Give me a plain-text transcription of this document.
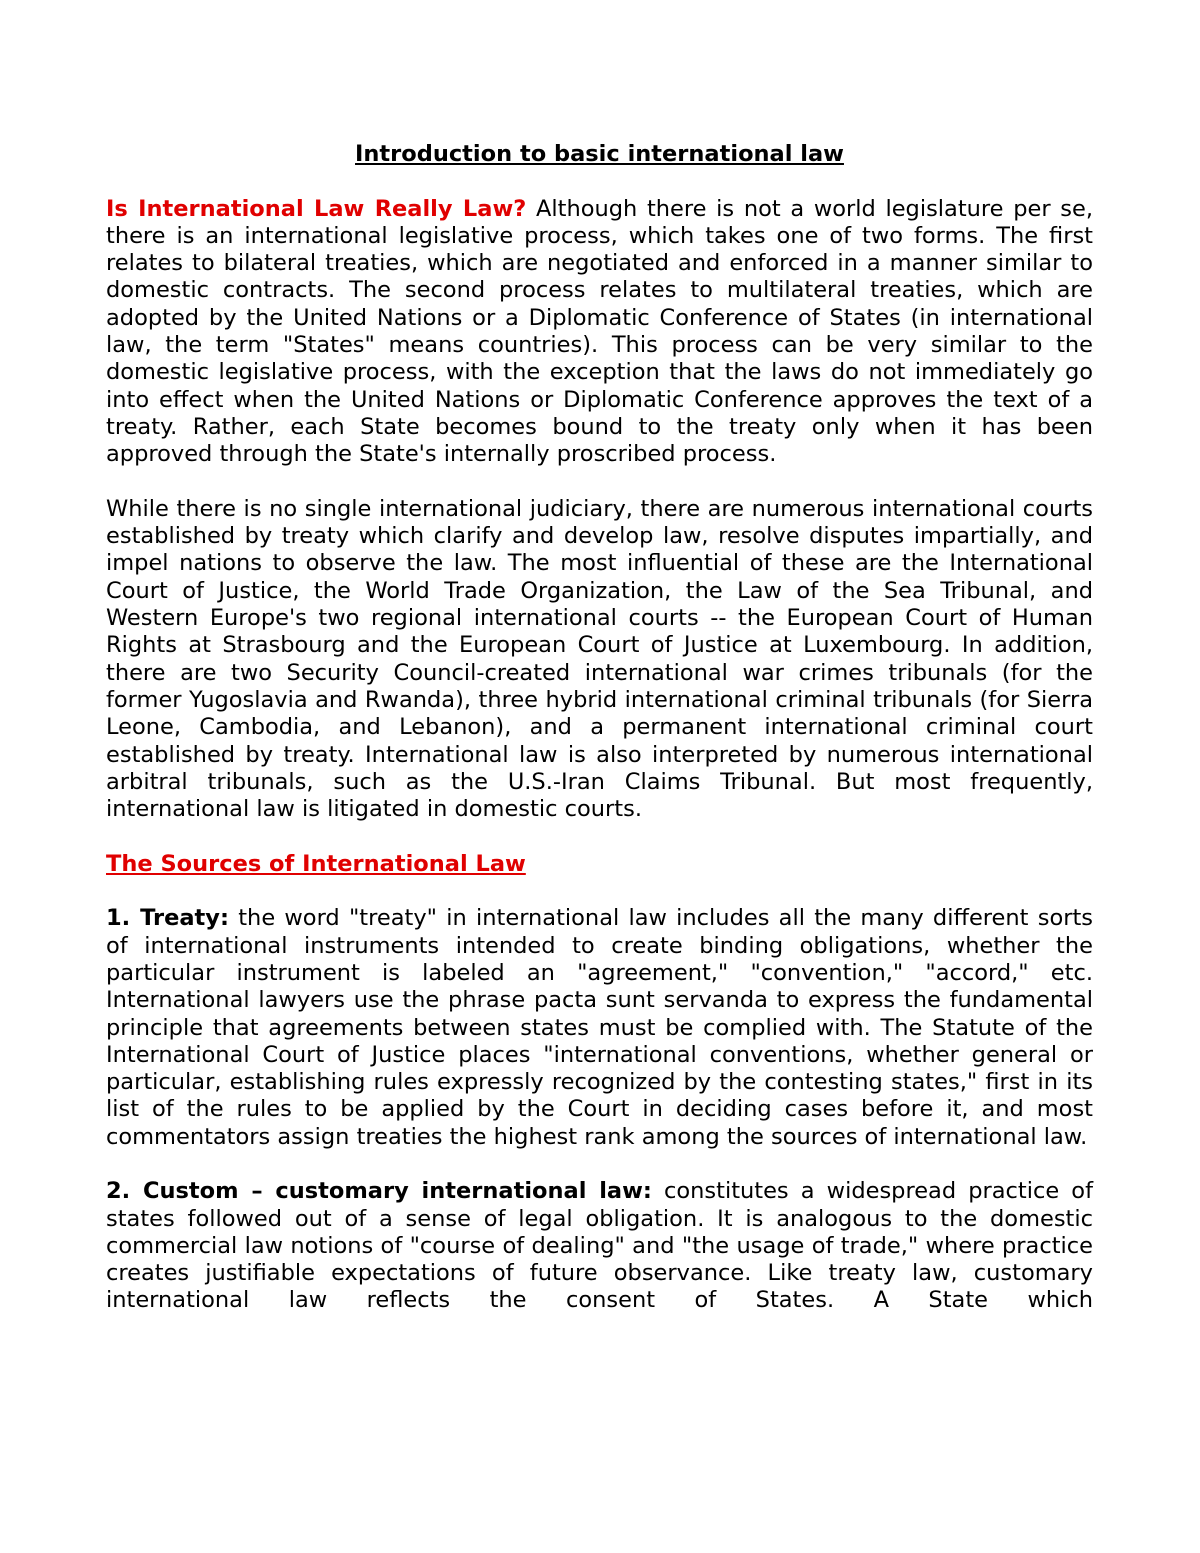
Introduction to basic international law

Is International Law Really Law? Although there is not a world legislature per se, there is an international legislative process, which takes one of two forms. The first relates to bilateral treaties, which are negotiated and enforced in a manner similar to domestic contracts. The second process relates to multilateral treaties, which are adopted by the United Nations or a Diplomatic Conference of States (in international law, the term "States" means countries). This process can be very similar to the domestic legislative process, with the exception that the laws do not immediately go into effect when the United Nations or Diplomatic Conference approves the text of a treaty. Rather, each State becomes bound to the treaty only when it has been approved through the State's internally proscribed process.

While there is no single international judiciary, there are numerous international courts established by treaty which clarify and develop law, resolve disputes impartially, and impel nations to observe the law. The most influential of these are the International Court of Justice, the World Trade Organization, the Law of the Sea Tribunal, and Western Europe's two regional international courts -- the European Court of Human Rights at Strasbourg and the European Court of Justice at Luxembourg. In addition, there are two Security Council-created international war crimes tribunals (for the former Yugoslavia and Rwanda), three hybrid international criminal tribunals (for Sierra Leone, Cambodia, and Lebanon), and a permanent international criminal court established by treaty. International law is also interpreted by numerous international arbitral tribunals, such as the U.S.-Iran Claims Tribunal. But most frequently, international law is litigated in domestic courts.

The Sources of International Law

1. Treaty: the word "treaty" in international law includes all the many different sorts of international instruments intended to create binding obligations, whether the particular instrument is labeled an "agreement," "convention," "accord," etc. International lawyers use the phrase pacta sunt servanda to express the fundamental principle that agreements between states must be complied with. The Statute of the International Court of Justice places "international conventions, whether general or particular, establishing rules expressly recognized by the contesting states," first in its list of the rules to be applied by the Court in deciding cases before it, and most commentators assign treaties the highest rank among the sources of international law.

2. Custom – customary international law: constitutes a widespread practice of states followed out of a sense of legal obligation. It is analogous to the domestic commercial law notions of "course of dealing" and "the usage of trade," where practice creates justifiable expectations of future observance. Like treaty law, customary international law reflects the consent of States. A State which
